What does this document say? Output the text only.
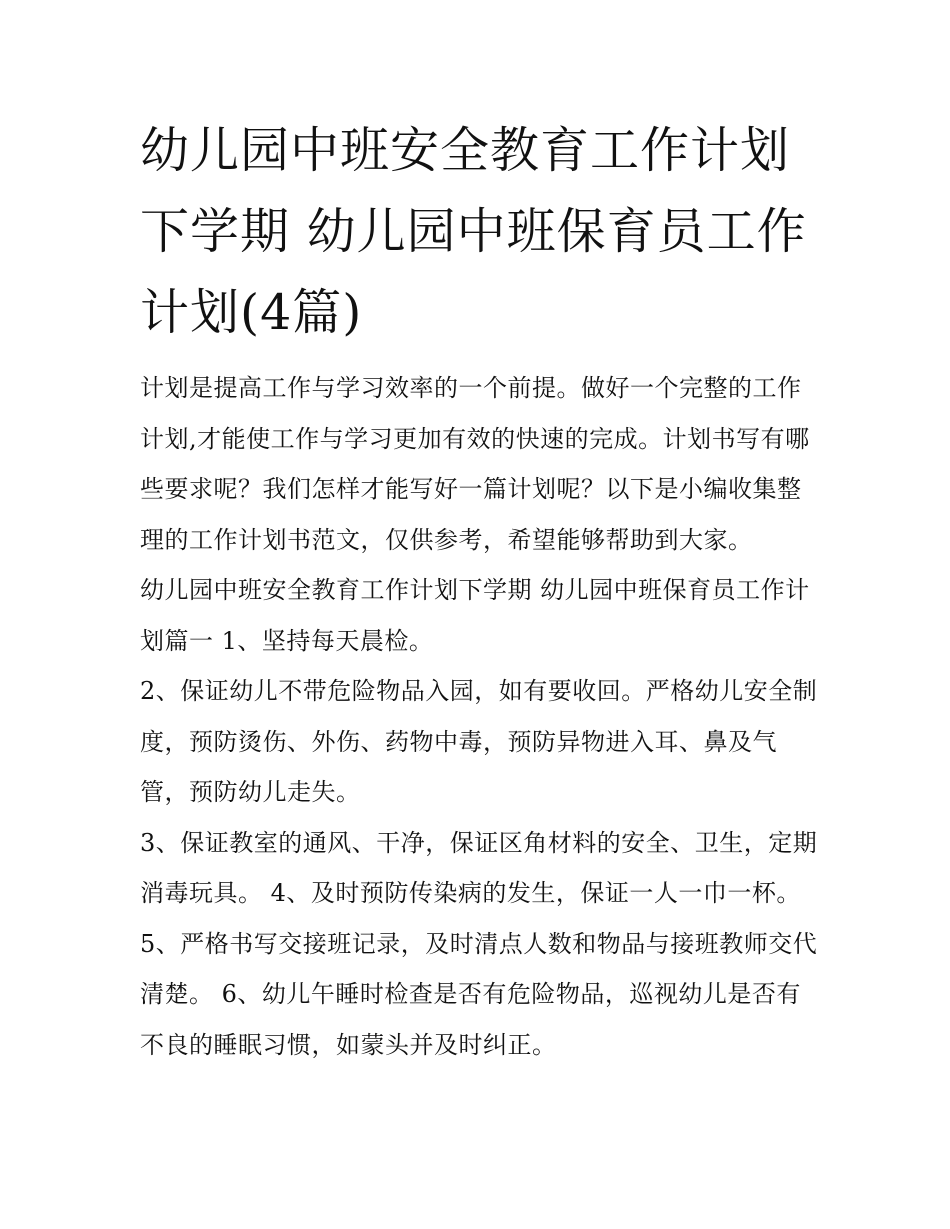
幼儿园中班安全教育工作计划下学期 幼儿园中班保育员工作计划(4篇)

计划是提高工作与学习效率的一个前提。做好一个完整的工作计划,才能使工作与学习更加有效的快速的完成。计划书写有哪些要求呢？我们怎样才能写好一篇计划呢？以下是小编收集整理的工作计划书范文，仅供参考，希望能够帮助到大家。

幼儿园中班安全教育工作计划下学期 幼儿园中班保育员工作计划篇一 1、坚持每天晨检。

2、保证幼儿不带危险物品入园，如有要收回。严格幼儿安全制度，预防烫伤、外伤、药物中毒，预防异物进入耳、鼻及气管，预防幼儿走失。

3、保证教室的通风、干净，保证区角材料的安全、卫生，定期消毒玩具。 4、及时预防传染病的发生，保证一人一巾一杯。

5、严格书写交接班记录，及时清点人数和物品与接班教师交代清楚。 6、幼儿午睡时检查是否有危险物品，巡视幼儿是否有不良的睡眠习惯，如蒙头并及时纠正。
